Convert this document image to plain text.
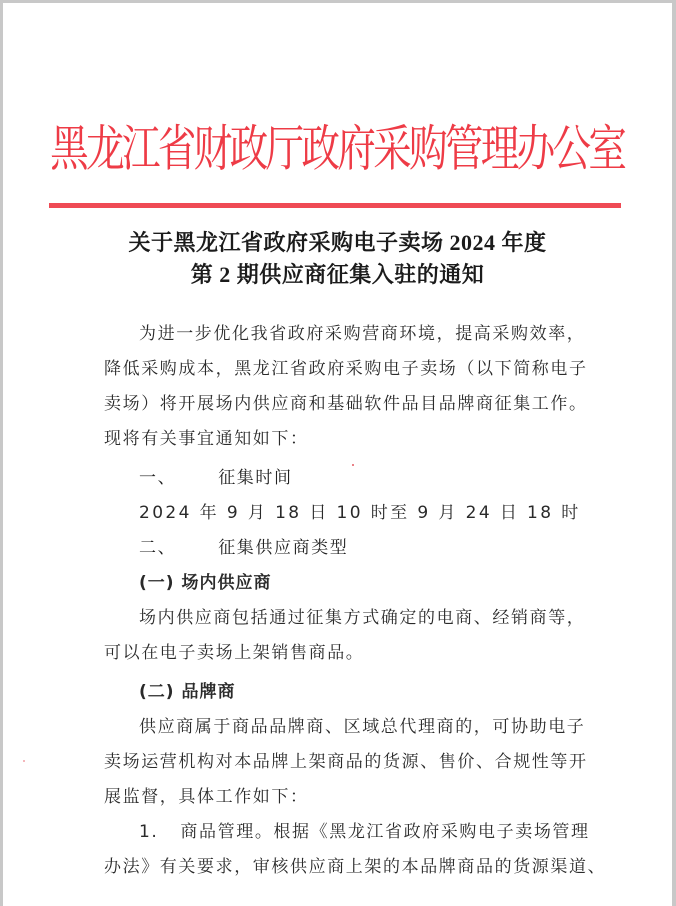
黑龙江省财政厅政府采购管理办公室
关于黑龙江省政府采购电子卖场 2024 年度
第 2 期供应商征集入驻的通知
为进一步优化我省政府采购营商环境，提高采购效率，
降低采购成本，黑龙江省政府采购电子卖场（以下简称电子
卖场）将开展场内供应商和基础软件品目品牌商征集工作。
现将有关事宜通知如下：
一、 征集时间
2024 年 9 月 18 日 10 时至 9 月 24 日 18 时
二、 征集供应商类型
(一) 场内供应商
场内供应商包括通过征集方式确定的电商、经销商等，
可以在电子卖场上架销售商品。
(二) 品牌商
供应商属于商品品牌商、区域总代理商的，可协助电子
卖场运营机构对本品牌上架商品的货源、售价、合规性等开
展监督，具体工作如下：
1. 商品管理。根据《黑龙江省政府采购电子卖场管理
办法》有关要求，审核供应商上架的本品牌商品的货源渠道、
